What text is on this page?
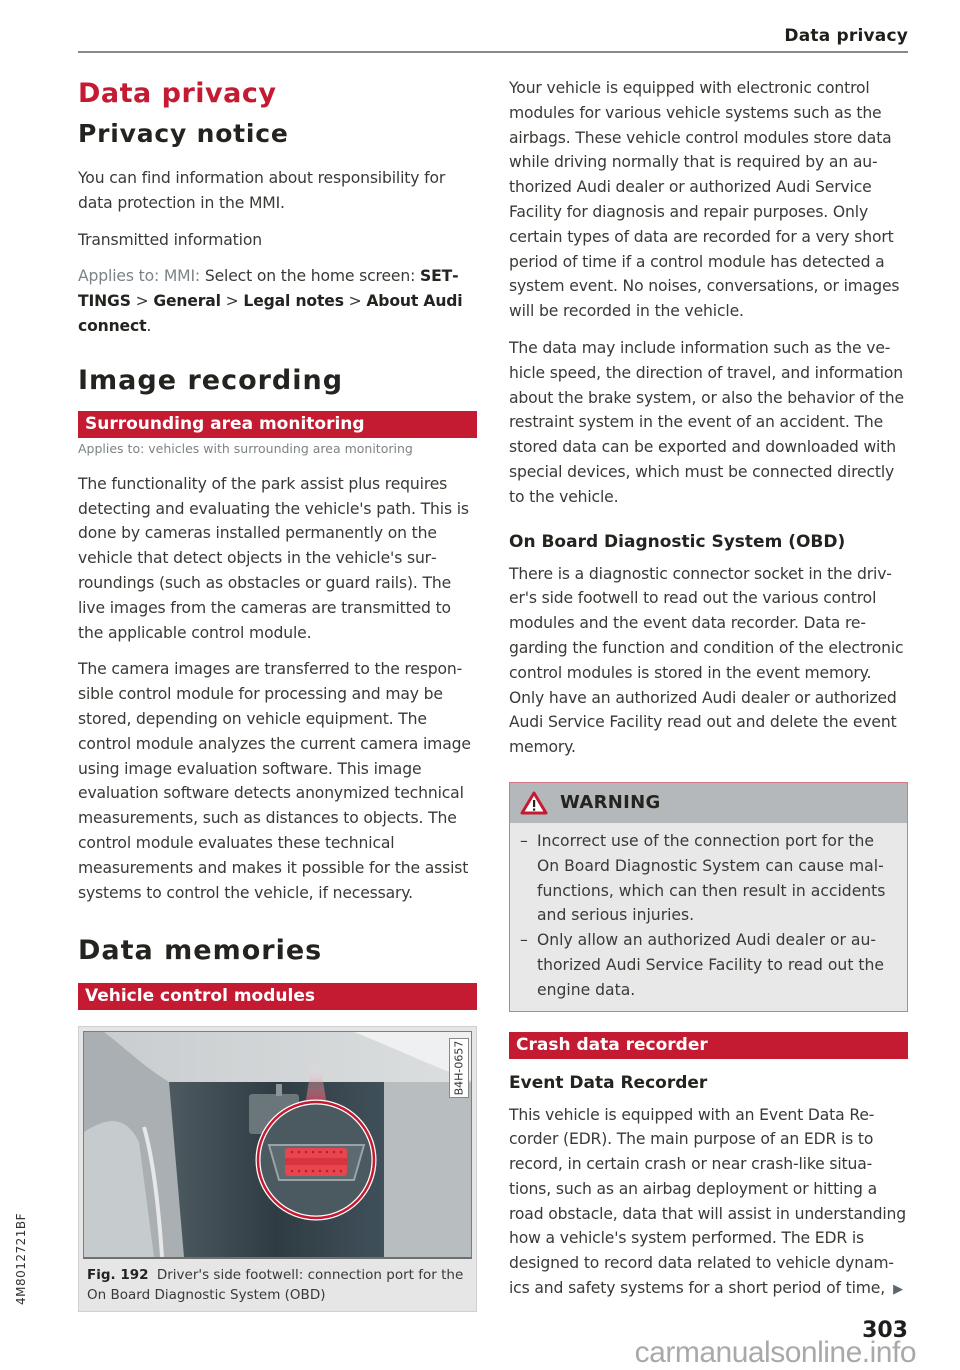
Data privacy
Data privacy
Privacy notice

You can find information about responsibility for data protection in the MMI.

Transmitted information

Applies to: MMI: Select on the home screen: SETTINGS > General > Legal notes > About Audi connect.

Image recording
Surrounding area monitoring
Applies to: vehicles with surrounding area monitoring

The functionality of the park assist plus requires detecting and evaluating the vehicle's path. This is done by cameras installed permanently on the vehicle that detect objects in the vehicle's surroundings (such as obstacles or guard rails). The live images from the cameras are transmitted to the applicable control module.

The camera images are transferred to the responsible control module for processing and may be stored, depending on vehicle equipment. The control module analyzes the current camera image using image evaluation software. This image evaluation software detects anonymized technical measurements, such as distances to objects. The control module evaluates these technical measurements and makes it possible for the assist systems to control the vehicle, if necessary.

Data memories
Vehicle control modules
B4H-0657
Fig. 192 Driver's side footwell: connection port for the On Board Diagnostic System (OBD)

Your vehicle is equipped with electronic control modules for various vehicle systems such as the airbags. These vehicle control modules store data while driving normally that is required by an authorized Audi dealer or authorized Audi Service Facility for diagnosis and repair purposes. Only certain types of data are recorded for a very short period of time if a control module has detected a system event. No noises, conversations, or images will be recorded in the vehicle.

The data may include information such as the vehicle speed, the direction of travel, and information about the brake system, or also the behavior of the restraint system in the event of an accident. The stored data can be exported and downloaded with special devices, which must be connected directly to the vehicle.

On Board Diagnostic System (OBD)

There is a diagnostic connector socket in the driver's side footwell to read out the various control modules and the event data recorder. Data regarding the function and condition of the electronic control modules is stored in the event memory. Only have an authorized Audi dealer or authorized Audi Service Facility read out and delete the event memory.

WARNING
– Incorrect use of the connection port for the On Board Diagnostic System can cause malfunctions, which can then result in accidents and serious injuries.
– Only allow an authorized Audi dealer or authorized Audi Service Facility to read out the engine data.
Crash data recorder
Event Data Recorder

This vehicle is equipped with an Event Data Recorder (EDR). The main purpose of an EDR is to record, in certain crash or near crash-like situations, such as an airbag deployment or hitting a road obstacle, data that will assist in understanding how a vehicle's system performed. The EDR is designed to record data related to vehicle dynamics and safety systems for a short period of time, ▶

4M8012721BF
303
carmanualsonline.info
